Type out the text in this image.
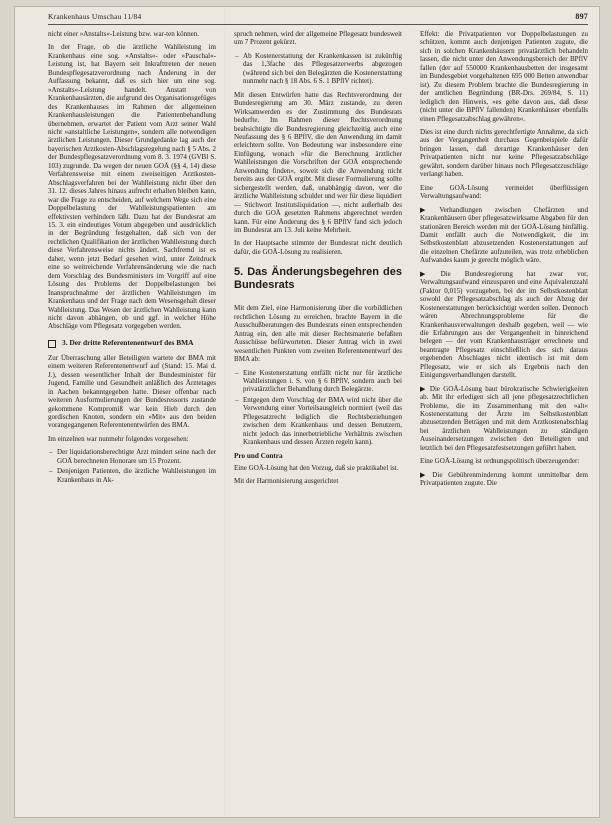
Krankenhaus Umschau 11/84	897

nicht einer »Anstalts«-Leistung bzw. war-ten können.

In der Frage, ob die ärztliche Wahlleistung im Krankenhaus eine sog. »Anstalts«- oder »Pauschal«-Leistung ist, hat Bayern seit Inkrafttreten der neuen Bundespflegesatzverordnung nach Änderung in der Auffassung bekannt, daß es sich hier um eine sog. »Anstalts«-Leistung handelt. Anstatt von Krankenhausärzten, die aufgrund des Organisationsgefüges des Krankenhauses im Rahmen der allgemeinen Krankenhausleistungen die Patientenbehandlung übernehmen, erwartet der Patient vom Arzt seiner Wahl nicht »anstaltliche Leistungen«, sondern alle notwendigen ärztlichen Leistungen. Dieser Grundgedanke lag auch der bayerischen Arztkosten-Abschlagsregelung nach § 5 Abs. 2 der Bundespflegesatzverordnung vom 8. 3. 1974 (GVBl S. 103) zugrunde. Da wegen der neuen GOÄ (§§ 4, 14) diese Verfahrensweise mit einem zweiseitigen Arztkosten-Abschlagsverfahren bei der Wahlleistung nicht über den 31. 12. dieses Jahres hinaus aufrecht erhalten bleiben kann, war die Frage zu entscheiden, auf welchem Wege sich eine Doppelbelastung der Wahlleistungspatienten am effektivsten verhindern läßt. Dazu hat der Bundesrat am 15. 3. ein eindeutiges Votum abgegeben und ausdrücklich in der Begründung festgehalten, daß sich von der rechtlichen Qualifikation der ärztlichen Wahlleistung durch diese Verfahrensweise nichts ändert. Sachfremd ist es daher, wenn jetzt Bedarf gesehen wird, unter Zeitdruck eine so weitreichende Verfahrensänderung wie die nach dem Vorschlag des Bundesministers im Vorgriff auf eine Lösung des Problems der Doppelbelastungen bei Inanspruchnahme der ärztlichen Wahlleistungen im Krankenhaus und der Frage nach dem Wesensgehalt dieser Wahlleistung. Das Wesen der ärztlichen Wahlleistung kann nicht davon abhängen, ob und ggf. in welcher Höhe Abschläge vom Pflegesatz vorgegeben werden.

3. Der dritte Referentenentwurf des BMA

Zur Überraschung aller Beteiligten wartete der BMA mit einem weiteren Referentenentwurf auf (Stand: 15. Mai d. J.), dessen wesentlicher Inhalt der Bundesminister für Jugend, Familie und Gesundheit anläßlich des Ärztetages in Aachen bekanntgegeben hatte. Dieser offenbar nach weiteren Ausformulierungen der Bundesressorts zustande gekommene Kompromiß war kein Hieb durch den gordischen Knoten, sondern ein »Mit« aus den beiden vorangegangenen Referentenentwürfen des BMA.

Im einzelnen war nunmehr folgendes vorgesehen:

– Der liquidationsberechtigte Arzt mindert seine nach der GOÄ berechneten Honorare um 15 Prozent.
– Denjenigen Patienten, die ärztliche Wahlleistungen im Krankenhaus in Ak-

spruch nehmen, wird der allgemeine Pflegesatz bundesweit um 7 Prozent gekürzt.

– Ab Kostenerstattung der Krankenkassen ist zukünftig das 1,3fache des Pflegesatzerwerbs abgezogen (während sich bei den Belegärzten die Kostenerstattung nunmehr nach § 18 Abs. 6 S. 1 BPflV richtet).

Mit diesen Entwürfen hatte das Rechtsverordnung der Bundesregierung am 30. März zustande, zu deren Wirksamwerden es der Zustimmung des Bundesrats bedurfte. Im Rahmen dieser Rechtsverordnung beabsichtigte die Bundesregierung gleichzeitig auch eine Neufassung des § 6 BPflV, die den Anwendung im damit erleichtern sollte. Von Bedeutung war insbesondere eine Einfügung, wonach »für die Berechnung ärztlicher Wahlleistungen die Vorschriften der GOÄ entsprechende Anwendung finden«, soweit sich die Anwendung nicht bereits aus der GOÄ ergibt. Mit dieser Formulierung sollte sichergestellt werden, daß, unabhängig davon, wer die ärztliche Wahlleistung schuldet und wer für diese liquidiert — Stichwort Institutsliquidation —, nicht außerhalb des durch die GOÄ gesetzten Rahmens abgerechnet werden kann. Für eine Änderung des § 6 BPflV fand sich jedoch im Bundesrat am 13. Juli keine Mehrheit.

In der Hauptsache stimmte der Bundesrat nicht deutlich dafür, die GOÄ-Lösung zu realisieren.

5. Das Änderungsbegehren des Bundesrats

Mit dem Ziel, eine Harmonisierung über die vorbildlichen rechtlichen Lösung zu erreichen, brachte Bayern in die Ausschußberatungen des Bundesrats einen entsprechenden Antrag ein, den alle mit dieser Rechtsmaterie befaßten Ausschüsse befürworteten. Dieser Antrag wich in zwei wesentlichen Punkten vom zweiten Referentenentwurf des BMA ab:

– Eine Kostenerstattung entfällt nicht nur für ärztliche Wahlleistungen i. S. von § 6 BPflV, sondern auch bei privatärztlicher Behandlung durch Belegärzte.
– Entgegen dem Vorschlag der BMA wird nicht über die Verwendung einer Vorteilsausgleich normiert (weil das Pflegesatzrecht lediglich die Rechtsbeziehungen zwischen dem Krankenhaus und dessen Benutzern, nicht jedoch das innerbetriebliche Verhältnis zwischen Krankenhaus und dessen Ärzten regeln kann).
Pro und Contra

Eine GOÄ-Lösung hat den Vorzug, daß sie praktikabel ist.

Mit der Harmonisierung ausgerichtet

Effekt: die Privatpatienten vor Doppelbelastungen zu schützen, kommt auch denjenigen Patienten zugute, die sich in solchen Krankenhäusern privatärztlich behandeln lassen, die nicht unter den Anwendungsbereich der BPflV fallen (der auf 550000 Krankenhausbetten der insgesamt im Bundesgebiet vorgehaltenen 695 000 Betten anwendbar ist). Zu diesem Problem brachte die Bundesregierung in der amtlichen Begründung (BR-Drs. 269/84, S. 11) lediglich den Hinweis, »es gehe davon aus, daß diese (nicht unter die BPflV fallenden) Krankenhäuser ebenfalls einen Pflegesatzabschlag gewähren«.

Dies ist eine durch nichts gerechtfertigte Annahme, da sich aus der Vergangenheit durchaus Gegenbeispiele dafür bringen lassen, daß derartige Krankenhäuser den Privatpatienten nicht nur keine Pflegesatzabschläge gewährt, sondern darüber hinaus noch Pflegesatzzuschläge verlangt haben.

Eine GOÄ-Lösung vermeidet überflüssigen Verwaltungsaufwand:

▶ Verhandlungen zwischen Chefärzten und Krankenhäusern über pflegesatzwirksame Abgaben für den stationären Bereich werden mit der GOÄ-Lösung hinfällig. Damit entfällt auch die Notwendigkeit, die im Selbstkostenblatt abzusetzenden Kostenerstattungen auf die einzelnen Chefärzte aufzuteilen, was trotz erheblichen Aufwandes kaum je gerecht möglich wäre.

▶ Die Bundesregierung hat zwar vor, Verwaltungsaufwand einzusparen und eine Äquivalenzzahl (Faktor 0,015) vorzugeben, bei der im Selbstkostenblatt sowohl der Pflegesatzabschlag als auch der Abzug der Kostenerstattungen berücksichtigt werden sollen. Dennoch wären Abrechnungsprobleme für die Krankenhausverwaltungen deshalb gegeben, weil — wie die Erfahrungen aus der Vergangenheit in hinreichend belegen — der vom Krankenhausträger errechnete und beantragte Pflegesatz einschließlich des sich daraus ergebenden Abschlages nicht identisch ist mit dem Pflegesatz, wie er sich als Ergebnis nach den Einigungsverhandlungen darstellt.

▶ Die GOÄ-Lösung baut bürokratische Schwierigkeiten ab. Mit ihr erledigen sich all jene pflegesatzrechtlichen Probleme, die im Zusammenhang mit den »alt« Kostenerstattung der Ärzte im Selbstkostenblatt abzusetzenden Beträgen und mit dem Arztkostenabschlag bei ärztlichen Wahlleistungen zu ständigen Auseinandersetzungen zwischen den Beteiligten und letztlich bei den Pflegesatzfestsetzungen geführt haben.

Eine GOÄ-Lösung ist ordnungspolitisch überzeugender:

▶ Die Gebührenminderung kommt unmittelbar dem Privatpatienten zugute. Die
